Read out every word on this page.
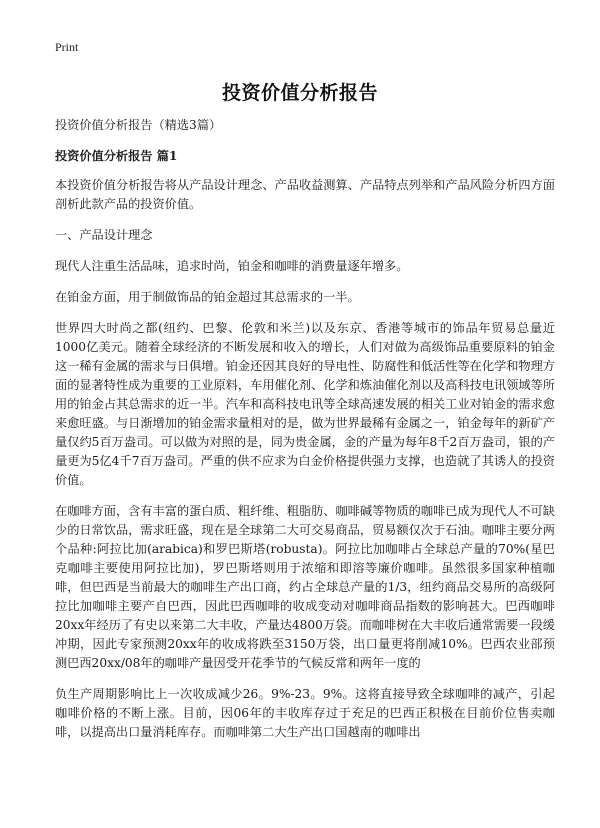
Print
投资价值分析报告

投资价值分析报告（精选3篇）

投资价值分析报告 篇1

本投资价值分析报告将从产品设计理念、产品收益测算、产品特点列举和产品风险分析四方面剖析此款产品的投资价值。

一、产品设计理念

现代人注重生活品味，追求时尚，铂金和咖啡的消费量逐年增多。

在铂金方面，用于制做饰品的铂金超过其总需求的一半。

世界四大时尚之都(纽约、巴黎、伦敦和米兰)以及东京、香港等城市的饰品年贸易总量近1000亿美元。随着全球经济的不断发展和收入的增长，人们对做为高级饰品重要原料的铂金这一稀有金属的需求与日俱增。铂金还因其良好的导电性、防腐性和低活性等在化学和物理方面的显著特性成为重要的工业原料，车用催化剂、化学和炼油催化剂以及高科技电讯领域等所用的铂金占其总需求的近一半。汽车和高科技电讯等全球高速发展的相关工业对铂金的需求愈来愈旺盛。与日渐增加的铂金需求量相对的是，做为世界最稀有金属之一，铂金每年的新矿产量仅约5百万盎司。可以做为对照的是，同为贵金属，金的产量为每年8千2百万盎司，银的产量更为5亿4千7百万盎司。严重的供不应求为白金价格提供强力支撑，也造就了其诱人的投资价值。

在咖啡方面，含有丰富的蛋白质、粗纤维、粗脂肪、咖啡碱等物质的咖啡已成为现代人不可缺少的日常饮品，需求旺盛，现在是全球第二大可交易商品，贸易额仅次于石油。咖啡主要分两个品种:阿拉比加(arabica)和罗巴斯塔(robusta)。阿拉比加咖啡占全球总产量的70%(星巴克咖啡主要使用阿拉比加)，罗巴斯塔则用于浓缩和即溶等廉价咖啡。虽然很多国家种植咖啡，但巴西是当前最大的咖啡生产出口商，约占全球总产量的1/3，纽约商品交易所的高级阿拉比加咖啡主要产自巴西，因此巴西咖啡的收成变动对咖啡商品指数的影响甚大。巴西咖啡20xx年经历了有史以来第二大丰收，产量达4800万袋。而咖啡树在大丰收后通常需要一段缓冲期，因此专家预测20xx年的收成将跌至3150万袋，出口量更将削减10%。巴西农业部预测巴西20xx/08年的咖啡产量因受开花季节的气候反常和两年一度的

负生产周期影响比上一次收成减少26。9%-23。9%。这将直接导致全球咖啡的减产，引起咖啡价格的不断上涨。目前，因06年的丰收库存过于充足的巴西正积极在目前价位售卖咖啡，以提高出口量消耗库存。而咖啡第二大生产出口国越南的咖啡出
